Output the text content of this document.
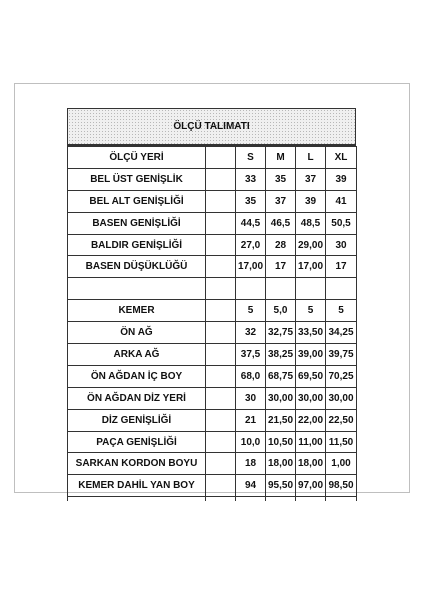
ÖLÇÜ TALIMATI
ÖLÇÜ YERİ		S	M	L	XL
BEL ÜST GENİŞLİK		33	35	37	39
BEL ALT GENİŞLİĞİ		35	37	39	41
BASEN GENİŞLİĞİ		44,5	46,5	48,5	50,5
BALDIR GENİŞLİĞİ		27,0	28	29,00	30
BASEN DÜŞÜKLÜĞÜ		17,00	17	17,00	17

KEMER		5	5,0	5	5
ÖN AĞ		32	32,75	33,50	34,25
ARKA AĞ		37,5	38,25	39,00	39,75
ÖN AĞDAN İÇ BOY		68,0	68,75	69,50	70,25
ÖN AĞDAN DİZ YERİ		30	30,00	30,00	30,00
DİZ GENİŞLİĞİ		21	21,50	22,00	22,50
PAÇA GENİŞLİĞİ		10,0	10,50	11,00	11,50
SARKAN KORDON BOYU		18	18,00	18,00	1,00
KEMER DAHİL YAN BOY		94	95,50	97,00	98,50
